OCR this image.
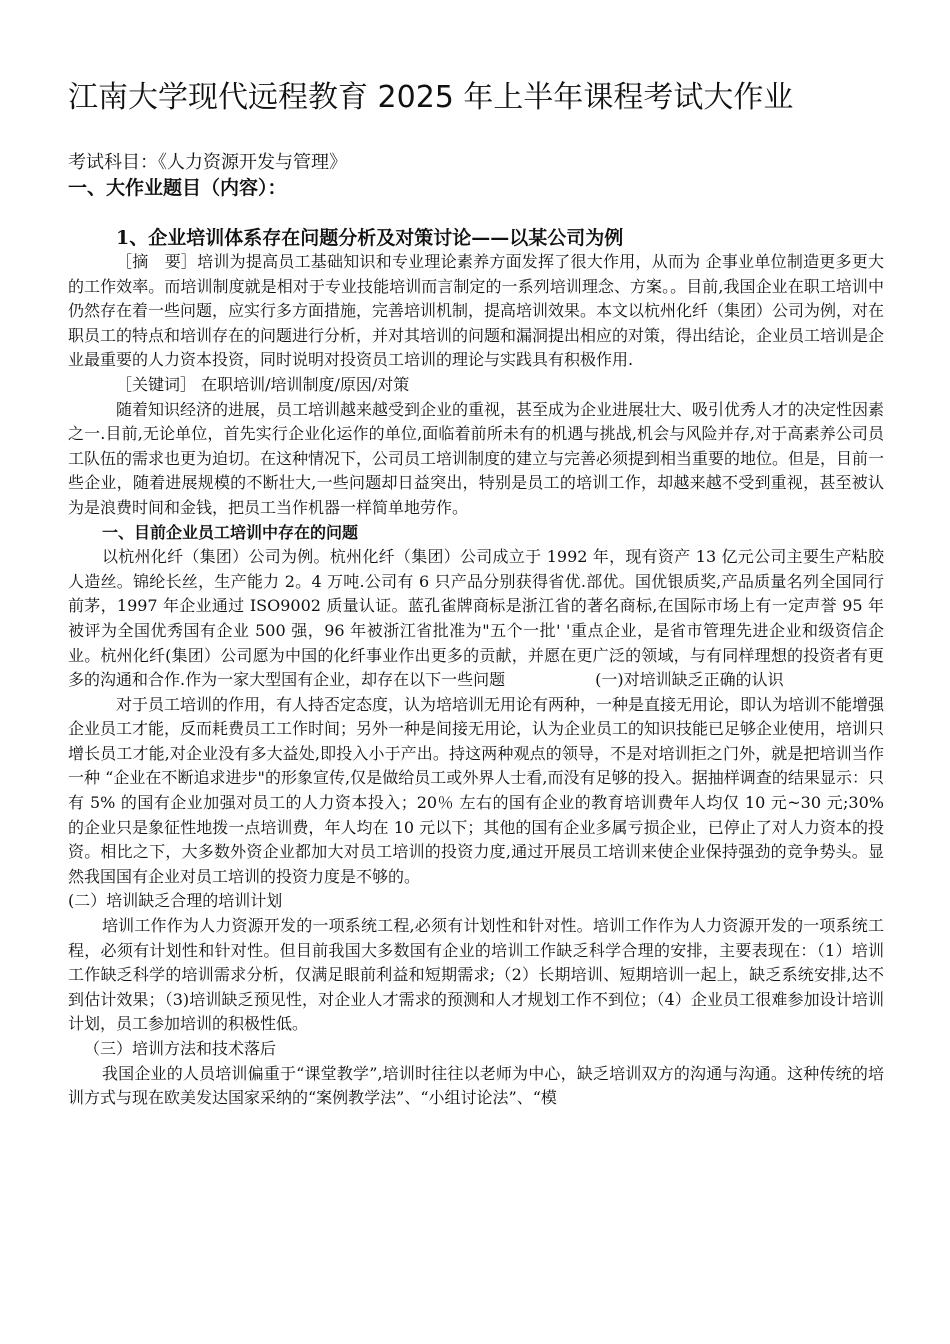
江南大学现代远程教育 2025 年上半年课程考试大作业
考试科目：《人力资源开发与管理》
一、大作业题目（内容）：
1、企业培训体系存在问题分析及对策讨论——以某公司为例

［摘　要］培训为提高员工基础知识和专业理论素养方面发挥了很大作用，从而为 企事业单位制造更多更大的工作效率。而培训制度就是相对于专业技能培训而言制定的一系列培训理念、方案。。目前,我国企业在职工培训中仍然存在着一些问题，应实行多方面措施，完善培训机制，提高培训效果。本文以杭州化纤（集团）公司为例，对在职员工的特点和培训存在的问题进行分析，并对其培训的问题和漏洞提出相应的对策，得出结论，企业员工培训是企业最重要的人力资本投资，同时说明对投资员工培训的理论与实践具有积极作用.

［关键词］ 在职培训/培训制度/原因/对策

随着知识经济的进展，员工培训越来越受到企业的重视，甚至成为企业进展壮大、吸引优秀人才的决定性因素之一.目前,无论单位，首先实行企业化运作的单位,面临着前所未有的机遇与挑战,机会与风险并存,对于高素养公司员工队伍的需求也更为迫切。在这种情况下，公司员工培训制度的建立与完善必须提到相当重要的地位。但是，目前一些企业，随着进展规模的不断壮大,一些问题却日益突出，特别是员工的培训工作，却越来越不受到重视，甚至被认为是浪费时间和金钱，把员工当作机器一样简单地劳作。

一、目前企业员工培训中存在的问题

以杭州化纤（集团）公司为例。杭州化纤（集团）公司成立于 1992 年，现有资产 13 亿元公司主要生产粘胶人造丝。锦纶长丝，生产能力 2。4 万吨.公司有 6 只产品分别获得省优.部优。国优银质奖,产品质量名列全国同行前茅，1997 年企业通过 ISO9002 质量认证。蓝孔雀牌商标是浙江省的著名商标,在国际市场上有一定声誉 95 年被评为全国优秀国有企业 500 强，96 年被浙江省批准为"五个一批' '重点企业，是省市管理先进企业和级资信企业。杭州化纤(集团）公司愿为中国的化纤事业作出更多的贡献，并愿在更广泛的领域，与有同样理想的投资者有更多的沟通和合作.作为一家大型国有企业，却存在以下一些问题	(一)对培训缺乏正确的认识

对于员工培训的作用，有人持否定态度，认为培培训无用论有两种，一种是直接无用论，即认为培训不能增强企业员工才能，反而耗费员工工作时间；另外一种是间接无用论，认为企业员工的知识技能已足够企业使用，培训只增长员工才能,对企业没有多大益处,即投入小于产出。持这两种观点的领导，不是对培训拒之门外，就是把培训当作一种 “企业在不断追求进步"的形象宣传,仅是做给员工或外界人士看,而没有足够的投入。据抽样调查的结果显示：只有 5% 的国有企业加强对员工的人力资本投入；20％ 左右的国有企业的教育培训费年人均仅 10 元~30 元;30% 的企业只是象征性地拨一点培训费，年人均在 10 元以下；其他的国有企业多属亏损企业，已停止了对人力资本的投资。相比之下，大多数外资企业都加大对员工培训的投资力度,通过开展员工培训来使企业保持强劲的竞争势头。显然我国国有企业对员工培训的投资力度是不够的。

(二）培训缺乏合理的培训计划

培训工作作为人力资源开发的一项系统工程,必须有计划性和针对性。培训工作作为人力资源开发的一项系统工程，必须有计划性和针对性。但目前我国大多数国有企业的培训工作缺乏科学合理的安排，主要表现在：（1）培训工作缺乏科学的培训需求分析，仅满足眼前利益和短期需求;（2）长期培训、短期培训一起上，缺乏系统安排,达不到估计效果；（3)培训缺乏预见性，对企业人才需求的预测和人才规划工作不到位；（4）企业员工很难参加设计培训计划，员工参加培训的积极性低。

（三）培训方法和技术落后

我国企业的人员培训偏重于“课堂教学”,培训时往往以老师为中心，缺乏培训双方的沟通与沟通。这种传统的培训方式与现在欧美发达国家采纳的“案例教学法”、“小组讨论法”、“模
